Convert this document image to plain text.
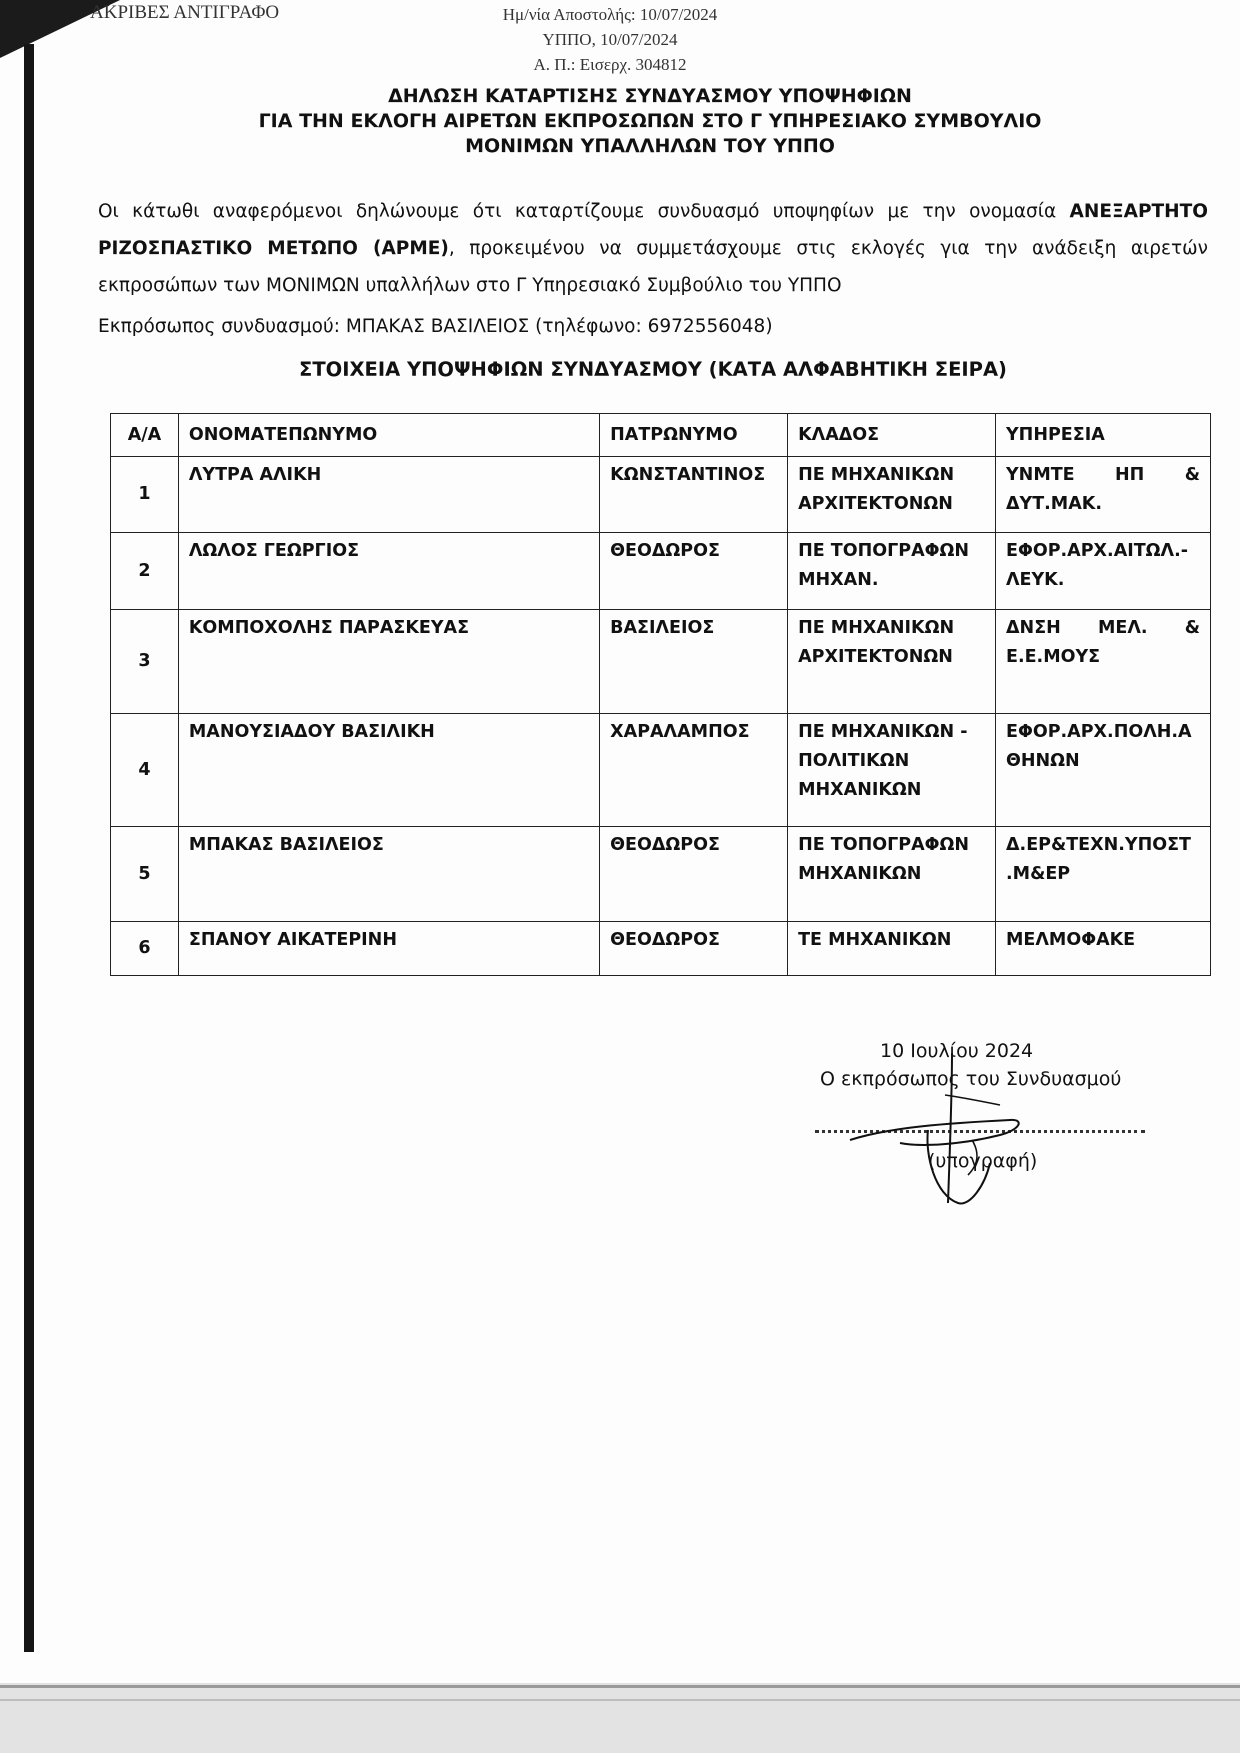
ΑΚΡΙΒΕΣ ΑΝΤΙΓΡΑΦΟ	Ημ/νία Αποστολής: 10/07/2024
ΥΠΠΟ, 10/07/2024
Α. Π.: Εισερχ. 304812
ΔΗΛΩΣΗ ΚΑΤΑΡΤΙΣΗΣ ΣΥΝΔΥΑΣΜΟΥ ΥΠΟΨΗΦΙΩΝ
ΓΙΑ ΤΗΝ ΕΚΛΟΓΗ ΑΙΡΕΤΩΝ ΕΚΠΡΟΣΩΠΩΝ ΣΤΟ Γ ΥΠΗΡΕΣΙΑΚΟ ΣΥΜΒΟΥΛΙΟ
ΜΟΝΙΜΩΝ ΥΠΑΛΛΗΛΩΝ ΤΟΥ ΥΠΠΟ

Οι κάτωθι αναφερόμενοι δηλώνουμε ότι καταρτίζουμε συνδυασμό υποψηφίων με την ονομασία ΑΝΕΞΑΡΤΗΤΟ ΡΙΖΟΣΠΑΣΤΙΚΟ ΜΕΤΩΠΟ (ΑΡΜΕ), προκειμένου να συμμετάσχουμε στις εκλογές για την ανάδειξη αιρετών εκπροσώπων των ΜΟΝΙΜΩΝ υπαλλήλων στο Γ Υπηρεσιακό Συμβούλιο του ΥΠΠΟ

Εκπρόσωπος συνδυασμού: ΜΠΑΚΑΣ ΒΑΣΙΛΕΙΟΣ (τηλέφωνο: 6972556048)
ΣΤΟΙΧΕΙΑ ΥΠΟΨΗΦΙΩΝ ΣΥΝΔΥΑΣΜΟΥ (ΚΑΤΑ ΑΛΦΑΒΗΤΙΚΗ ΣΕΙΡΑ)
Α/Α	ΟΝΟΜΑΤΕΠΩΝΥΜΟ	ΠΑΤΡΩΝΥΜΟ	ΚΛΑΔΟΣ	ΥΠΗΡΕΣΙΑ
1	ΛΥΤΡΑ ΑΛΙΚΗ	ΚΩΝΣΤΑΝΤΙΝΟΣ	ΠΕ ΜΗΧΑΝΙΚΩΝ ΑΡΧΙΤΕΚΤΟΝΩΝ	ΥΝΜΤΕ ΗΠ & ΔΥΤ.ΜΑΚ.
2	ΛΩΛΟΣ ΓΕΩΡΓΙΟΣ	ΘΕΟΔΩΡΟΣ	ΠΕ ΤΟΠΟΓΡΑΦΩΝ ΜΗΧΑΝ.	ΕΦΟΡ.ΑΡΧ.ΑΙΤΩΛ.-ΛΕΥΚ.
3	ΚΟΜΠΟΧΟΛΗΣ ΠΑΡΑΣΚΕΥΑΣ	ΒΑΣΙΛΕΙΟΣ	ΠΕ ΜΗΧΑΝΙΚΩΝ ΑΡΧΙΤΕΚΤΟΝΩΝ	ΔΝΣΗ ΜΕΛ. & Ε.Ε.ΜΟΥΣ
4	ΜΑΝΟΥΣΙΑΔΟΥ ΒΑΣΙΛΙΚΗ	ΧΑΡΑΛΑΜΠΟΣ	ΠΕ ΜΗΧΑΝΙΚΩΝ - ΠΟΛΙΤΙΚΩΝ ΜΗΧΑΝΙΚΩΝ	ΕΦΟΡ.ΑΡΧ.ΠΟΛΗ.Α ΘΗΝΩΝ
5	ΜΠΑΚΑΣ ΒΑΣΙΛΕΙΟΣ	ΘΕΟΔΩΡΟΣ	ΠΕ ΤΟΠΟΓΡΑΦΩΝ ΜΗΧΑΝΙΚΩΝ	Δ.ΕΡ&ΤΕΧΝ.ΥΠΟΣΤ .Μ&ΕΡ
6	ΣΠΑΝΟΥ ΑΙΚΑΤΕΡΙΝΗ	ΘΕΟΔΩΡΟΣ	ΤΕ ΜΗΧΑΝΙΚΩΝ	ΜΕΛΜΟΦΑΚΕ
10 Ιουλίου 2024
Ο εκπρόσωπος του Συνδυασμού
(υπογραφή)
